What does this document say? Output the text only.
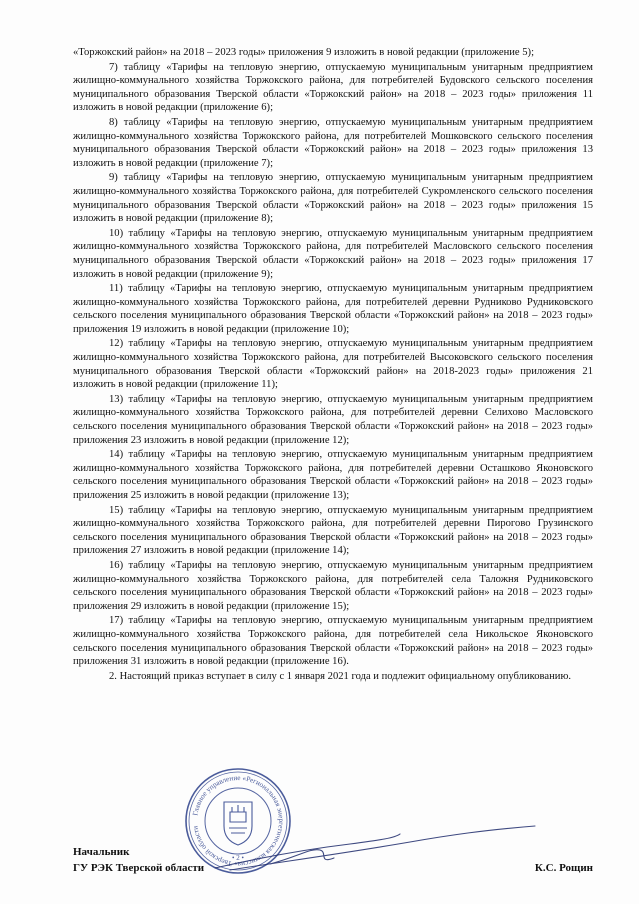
«Торжокский район» на 2018 – 2023 годы» приложения 9 изложить в новой редакции (приложение 5);

7) таблицу «Тарифы на тепловую энергию, отпускаемую муниципальным унитарным предприятием жилищно-коммунального хозяйства Торжокского района, для потребителей Будовского сельского поселения муниципального образования Тверской области «Торжокский район» на 2018 – 2023 годы» приложения 11 изложить в новой редакции (приложение 6);

8) таблицу «Тарифы на тепловую энергию, отпускаемую муниципальным унитарным предприятием жилищно-коммунального хозяйства Торжокского района, для потребителей Мошковского сельского поселения муниципального образования Тверской области «Торжокский район» на 2018 – 2023 годы» приложения 13 изложить в новой редакции (приложение 7);

9) таблицу «Тарифы на тепловую энергию, отпускаемую муниципальным унитарным предприятием жилищно-коммунального хозяйства Торжокского района, для потребителей Сукромленского сельского поселения муниципального образования Тверской области «Торжокский район» на 2018 – 2023 годы» приложения 15 изложить в новой редакции (приложение 8);

10) таблицу «Тарифы на тепловую энергию, отпускаемую муниципальным унитарным предприятием жилищно-коммунального хозяйства Торжокского района, для потребителей Масловского сельского поселения муниципального образования Тверской области «Торжокский район» на 2018 – 2023 годы» приложения 17 изложить в новой редакции (приложение 9);

11) таблицу «Тарифы на тепловую энергию, отпускаемую муниципальным унитарным предприятием жилищно-коммунального хозяйства Торжокского района, для потребителей деревни Рудниково Рудниковского сельского поселения муниципального образования Тверской области «Торжокский район» на 2018 – 2023 годы» приложения 19 изложить в новой редакции (приложение 10);

12) таблицу «Тарифы на тепловую энергию, отпускаемую муниципальным унитарным предприятием жилищно-коммунального хозяйства Торжокского района, для потребителей Высоковского сельского поселения муниципального образования Тверской области «Торжокский район» на 2018-2023 годы» приложения 21 изложить в новой редакции (приложение 11);

13) таблицу «Тарифы на тепловую энергию, отпускаемую муниципальным унитарным предприятием жилищно-коммунального хозяйства Торжокского района, для потребителей деревни Селихово Масловского сельского поселения муниципального образования Тверской области «Торжокский район» на 2018 – 2023 годы» приложения 23 изложить в новой редакции (приложение 12);

14) таблицу «Тарифы на тепловую энергию, отпускаемую муниципальным унитарным предприятием жилищно-коммунального хозяйства Торжокского района, для потребителей деревни Осташково Яконовского сельского поселения муниципального образования Тверской области «Торжокский район» на 2018 – 2023 годы» приложения 25 изложить в новой редакции (приложение 13);

15) таблицу «Тарифы на тепловую энергию, отпускаемую муниципальным унитарным предприятием жилищно-коммунального хозяйства Торжокского района, для потребителей деревни Пирогово Грузинского сельского поселения муниципального образования Тверской области «Торжокский район» на 2018 – 2023 годы» приложения 27 изложить в новой редакции (приложение 14);

16) таблицу «Тарифы на тепловую энергию, отпускаемую муниципальным унитарным предприятием жилищно-коммунального хозяйства Торжокского района, для потребителей села Таложня Рудниковского сельского поселения муниципального образования Тверской области «Торжокский район» на 2018 – 2023 годы» приложения 29 изложить в новой редакции (приложение 15);

17) таблицу «Тарифы на тепловую энергию, отпускаемую муниципальным унитарным предприятием жилищно-коммунального хозяйства Торжокского района, для потребителей села Никольское Яконовского сельского поселения муниципального образования Тверской области «Торжокский район» на 2018 – 2023 годы» приложения 31 изложить в новой редакции (приложение 16).

2. Настоящий приказ вступает в силу с 1 января 2021 года и подлежит официальному опубликованию.

Главное управление «Региональная энергетическая комиссия» Тверской области
• 2 •
Начальник
ГУ РЭК Тверской области	К.С. Рощин
